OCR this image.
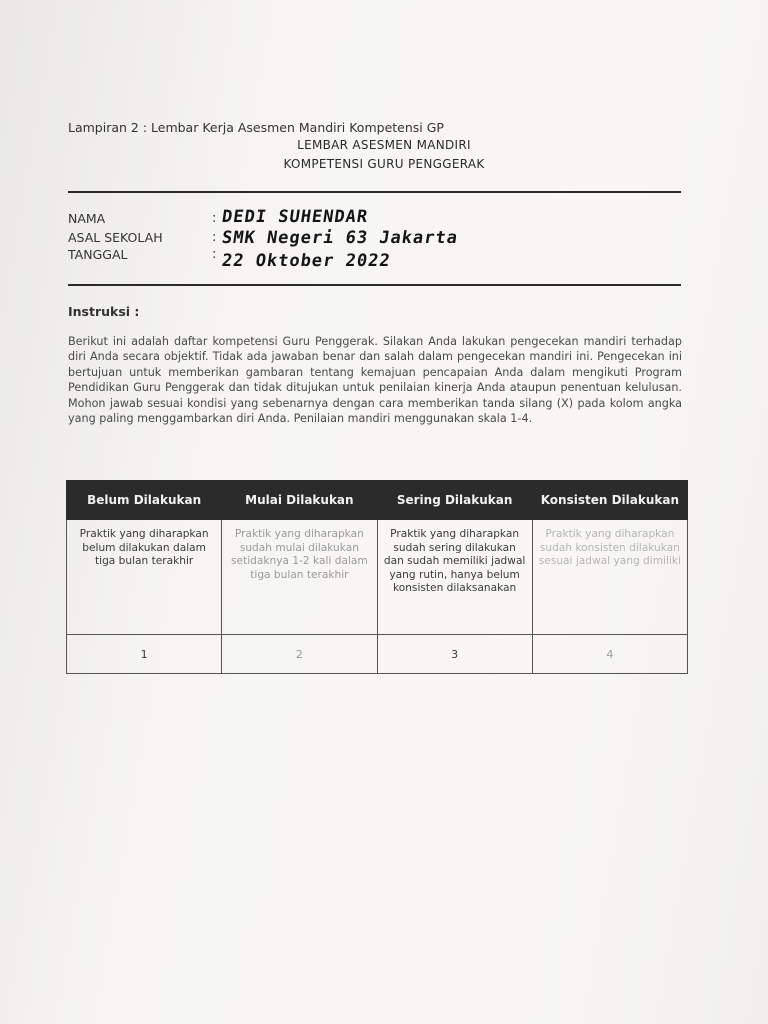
Lampiran 2 : Lembar Kerja Asesmen Mandiri Kompetensi GP
LEMBAR ASESMEN MANDIRI
KOMPETENSI GURU PENGGERAK
NAMA	: DEDI SUHENDAR
ASAL SEKOLAH	: SMK Negeri 63 Jakarta
TANGGAL	: 22 Oktober 2022
Instruksi :
Berikut ini adalah daftar kompetensi Guru Penggerak. Silakan Anda lakukan pengecekan mandiri terhadap diri Anda secara objektif. Tidak ada jawaban benar dan salah dalam pengecekan mandiri ini. Pengecekan ini bertujuan untuk memberikan gambaran tentang kemajuan pencapaian Anda dalam mengikuti Program Pendidikan Guru Penggerak dan tidak ditujukan untuk penilaian kinerja Anda ataupun penentuan kelulusan. Mohon jawab sesuai kondisi yang sebenarnya dengan cara memberikan tanda silang (X) pada kolom angka yang paling menggambarkan diri Anda. Penilaian mandiri menggunakan skala 1-4.
Belum Dilakukan	Mulai Dilakukan	Sering Dilakukan	Konsisten Dilakukan
Praktik yang diharapkan belum dilakukan dalam tiga bulan terakhir	Praktik yang diharapkan sudah mulai dilakukan setidaknya 1-2 kali dalam tiga bulan terakhir	Praktik yang diharapkan sudah sering dilakukan dan sudah memiliki jadwal yang rutin, hanya belum konsisten dilaksanakan	Praktik yang diharapkan sudah konsisten dilakukan sesuai jadwal yang dimiliki
1	2	3	4
